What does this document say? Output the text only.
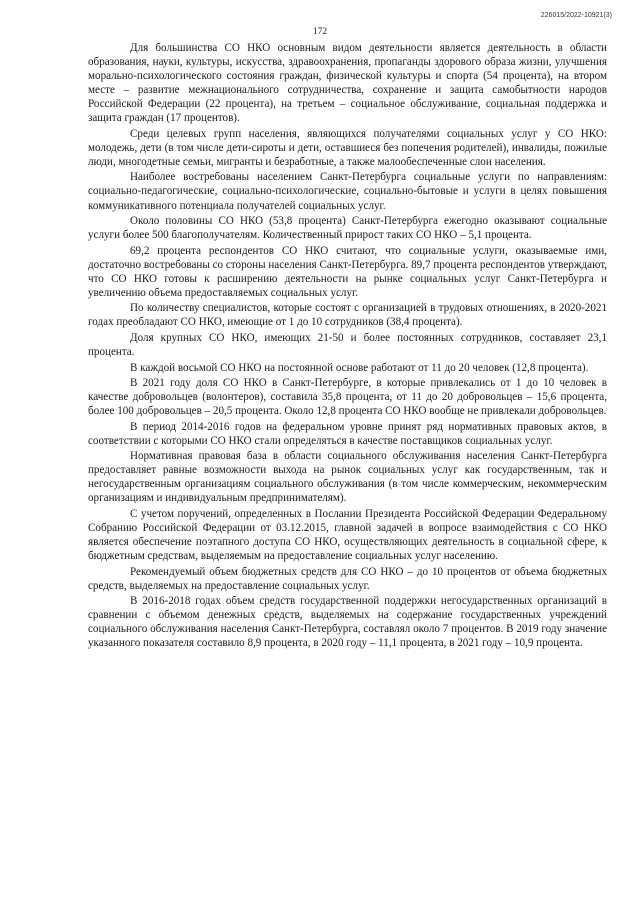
226015/2022-10921(3)
172

Для большинства СО НКО основным видом деятельности является деятельность в области образования, науки, культуры, искусства, здравоохранения, пропаганды здорового образа жизни, улучшения морально-психологического состояния граждан, физической культуры и спорта (54 процента), на втором месте – развитие межнационального сотрудничества, сохранение и защита самобытности народов Российской Федерации (22 процента), на третьем – социальное обслуживание, социальная поддержка и защита граждан (17 процентов).

Среди целевых групп населения, являющихся получателями социальных услуг у СО НКО: молодежь, дети (в том числе дети-сироты и дети, оставшиеся без попечения родителей), инвалиды, пожилые люди, многодетные семьи, мигранты и безработные, а также малообеспеченные слои населения.

Наиболее востребованы населением Санкт-Петербурга социальные услуги по направлениям: социально-педагогические, социально-психологические, социально-бытовые и услуги в целях повышения коммуникативного потенциала получателей социальных услуг.

Около половины СО НКО (53,8 процента) Санкт-Петербурга ежегодно оказывают социальные услуги более 500 благополучателям. Количественный прирост таких СО НКО – 5,1 процента.

69,2 процента респондентов СО НКО считают, что социальные услуги, оказываемые ими, достаточно востребованы со стороны населения Санкт-Петербурга. 89,7 процента респондентов утверждают, что СО НКО готовы к расширению деятельности на рынке социальных услуг Санкт-Петербурга и увеличению объема предоставляемых социальных услуг.

По количеству специалистов, которые состоят с организацией в трудовых отношениях, в 2020-2021 годах преобладают СО НКО, имеющие от 1 до 10 сотрудников (38,4 процента).

Доля крупных СО НКО, имеющих 21-50 и более постоянных сотрудников, составляет 23,1 процента.

В каждой восьмой СО НКО на постоянной основе работают от 11 до 20 человек (12,8 процента).

В 2021 году доля СО НКО в Санкт-Петербурге, в которые привлекались от 1 до 10 человек в качестве добровольцев (волонтеров), составила 35,8 процента, от 11 до 20 добровольцев – 15,6 процента, более 100 добровольцев – 20,5 процента. Около 12,8 процента СО НКО вообще не привлекали добровольцев.

В период 2014-2016 годов на федеральном уровне принят ряд нормативных правовых актов, в соответствии с которыми СО НКО стали определяться в качестве поставщиков социальных услуг.

Нормативная правовая база в области социального обслуживания населения Санкт-Петербурга предоставляет равные возможности выхода на рынок социальных услуг как государственным, так и негосударственным организациям социального обслуживания (в том числе коммерческим, некоммерческим организациям и индивидуальным предпринимателям).

С учетом поручений, определенных в Послании Президента Российской Федерации Федеральному Собранию Российской Федерации от 03.12.2015, главной задачей в вопросе взаимодействия с СО НКО является обеспечение поэтапного доступа СО НКО, осуществляющих деятельность в социальной сфере, к бюджетным средствам, выделяемым на предоставление социальных услуг населению.

Рекомендуемый объем бюджетных средств для СО НКО – до 10 процентов от объема бюджетных средств, выделяемых на предоставление социальных услуг.

В 2016-2018 годах объем средств государственной поддержки негосударственных организаций в сравнении с объемом денежных средств, выделяемых на содержание государственных учреждений социального обслуживания населения Санкт-Петербурга, составлял около 7 процентов. В 2019 году значение указанного показателя составило 8,9 процента, в 2020 году – 11,1 процента, в 2021 году – 10,9 процента.
